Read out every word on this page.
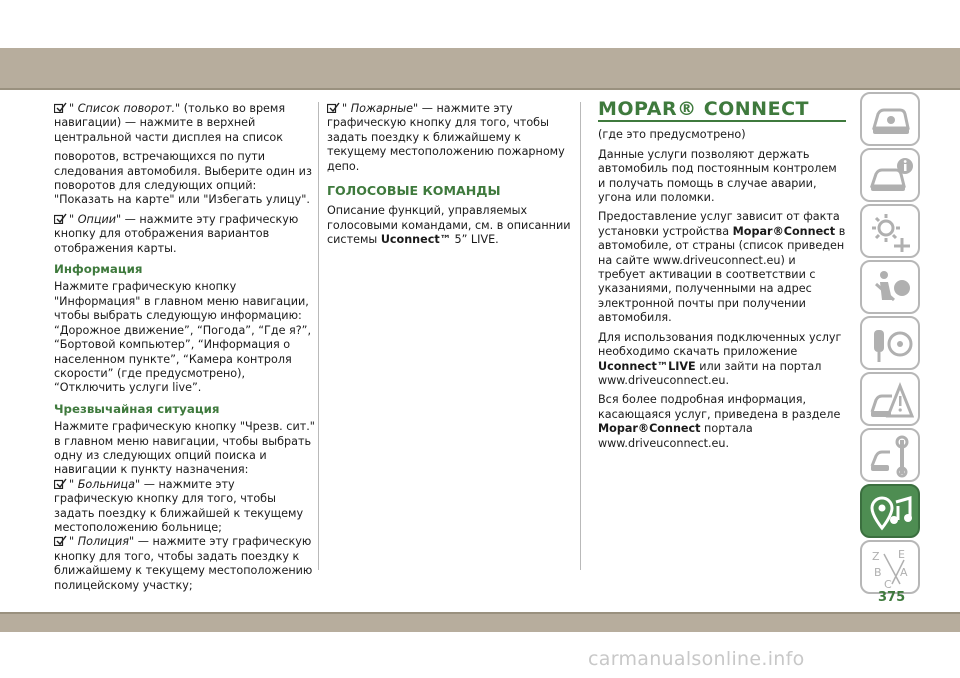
" Список поворот." (только во время навигации) — нажмите в верхней центральной части дисплея на список

поворотов, встречающихся по пути следования автомобиля. Выберите один из поворотов для следующих опций: "Показать на карте" или "Избегать улицу".

" Опции" — нажмите эту графическую кнопку для отображения вариантов отображения карты.

Информация

Нажмите графическую кнопку "Информация" в главном меню навигации, чтобы выбрать следующую информацию: “Дорожное движение”, “Погода”, “Где я?”, “Бортовой компьютер”, “Информация о населенном пункте”, “Камера контроля скорости” (где предусмотрено), “Отключить услуги live”.

Чрезвычайная ситуация

Нажмите графическую кнопку "Чрезв. сит." в главном меню навигации, чтобы выбрать одну из следующих опций поиска и навигации к пункту назначения:

" Больница" — нажмите эту графическую кнопку для того, чтобы задать поездку к ближайшей к текущему местоположению больнице;

" Полиция" — нажмите эту графическую кнопку для того, чтобы задать поездку к ближайшему к текущему местоположению полицейскому участку;

" Пожарные" — нажмите эту графическую кнопку для того, чтобы задать поездку к ближайшему к текущему местоположению пожарному депо.

ГОЛОСОВЫЕ КОМАНДЫ

Описание функций, управляемых голосовыми командами, см. в описаннии системы Uconnect™ 5” LIVE.

MOPAR® CONNECT

(где это предусмотрено)

Данные услуги позволяют держать автомобиль под постоянным контролем и получать помощь в случае аварии, угона или поломки.

Предоставление услуг зависит от факта установки устройства Mopar®Connect в автомобиле, от страны (список приведен на сайте www.driveuconnect.eu) и требует активации в соответствии с указаниями, полученными на адрес электронной почты при получении автомобиля.

Для использования подключенных услуг необходимо скачать приложение Uconnect™LIVE или зайти на портал www.driveuconnect.eu.

Вся более подробная информация, касающаяся услуг, приведена в разделе Mopar®Connect портала www.driveuconnect.eu.

Z E
B A
C
375
carmanualsonline.info
